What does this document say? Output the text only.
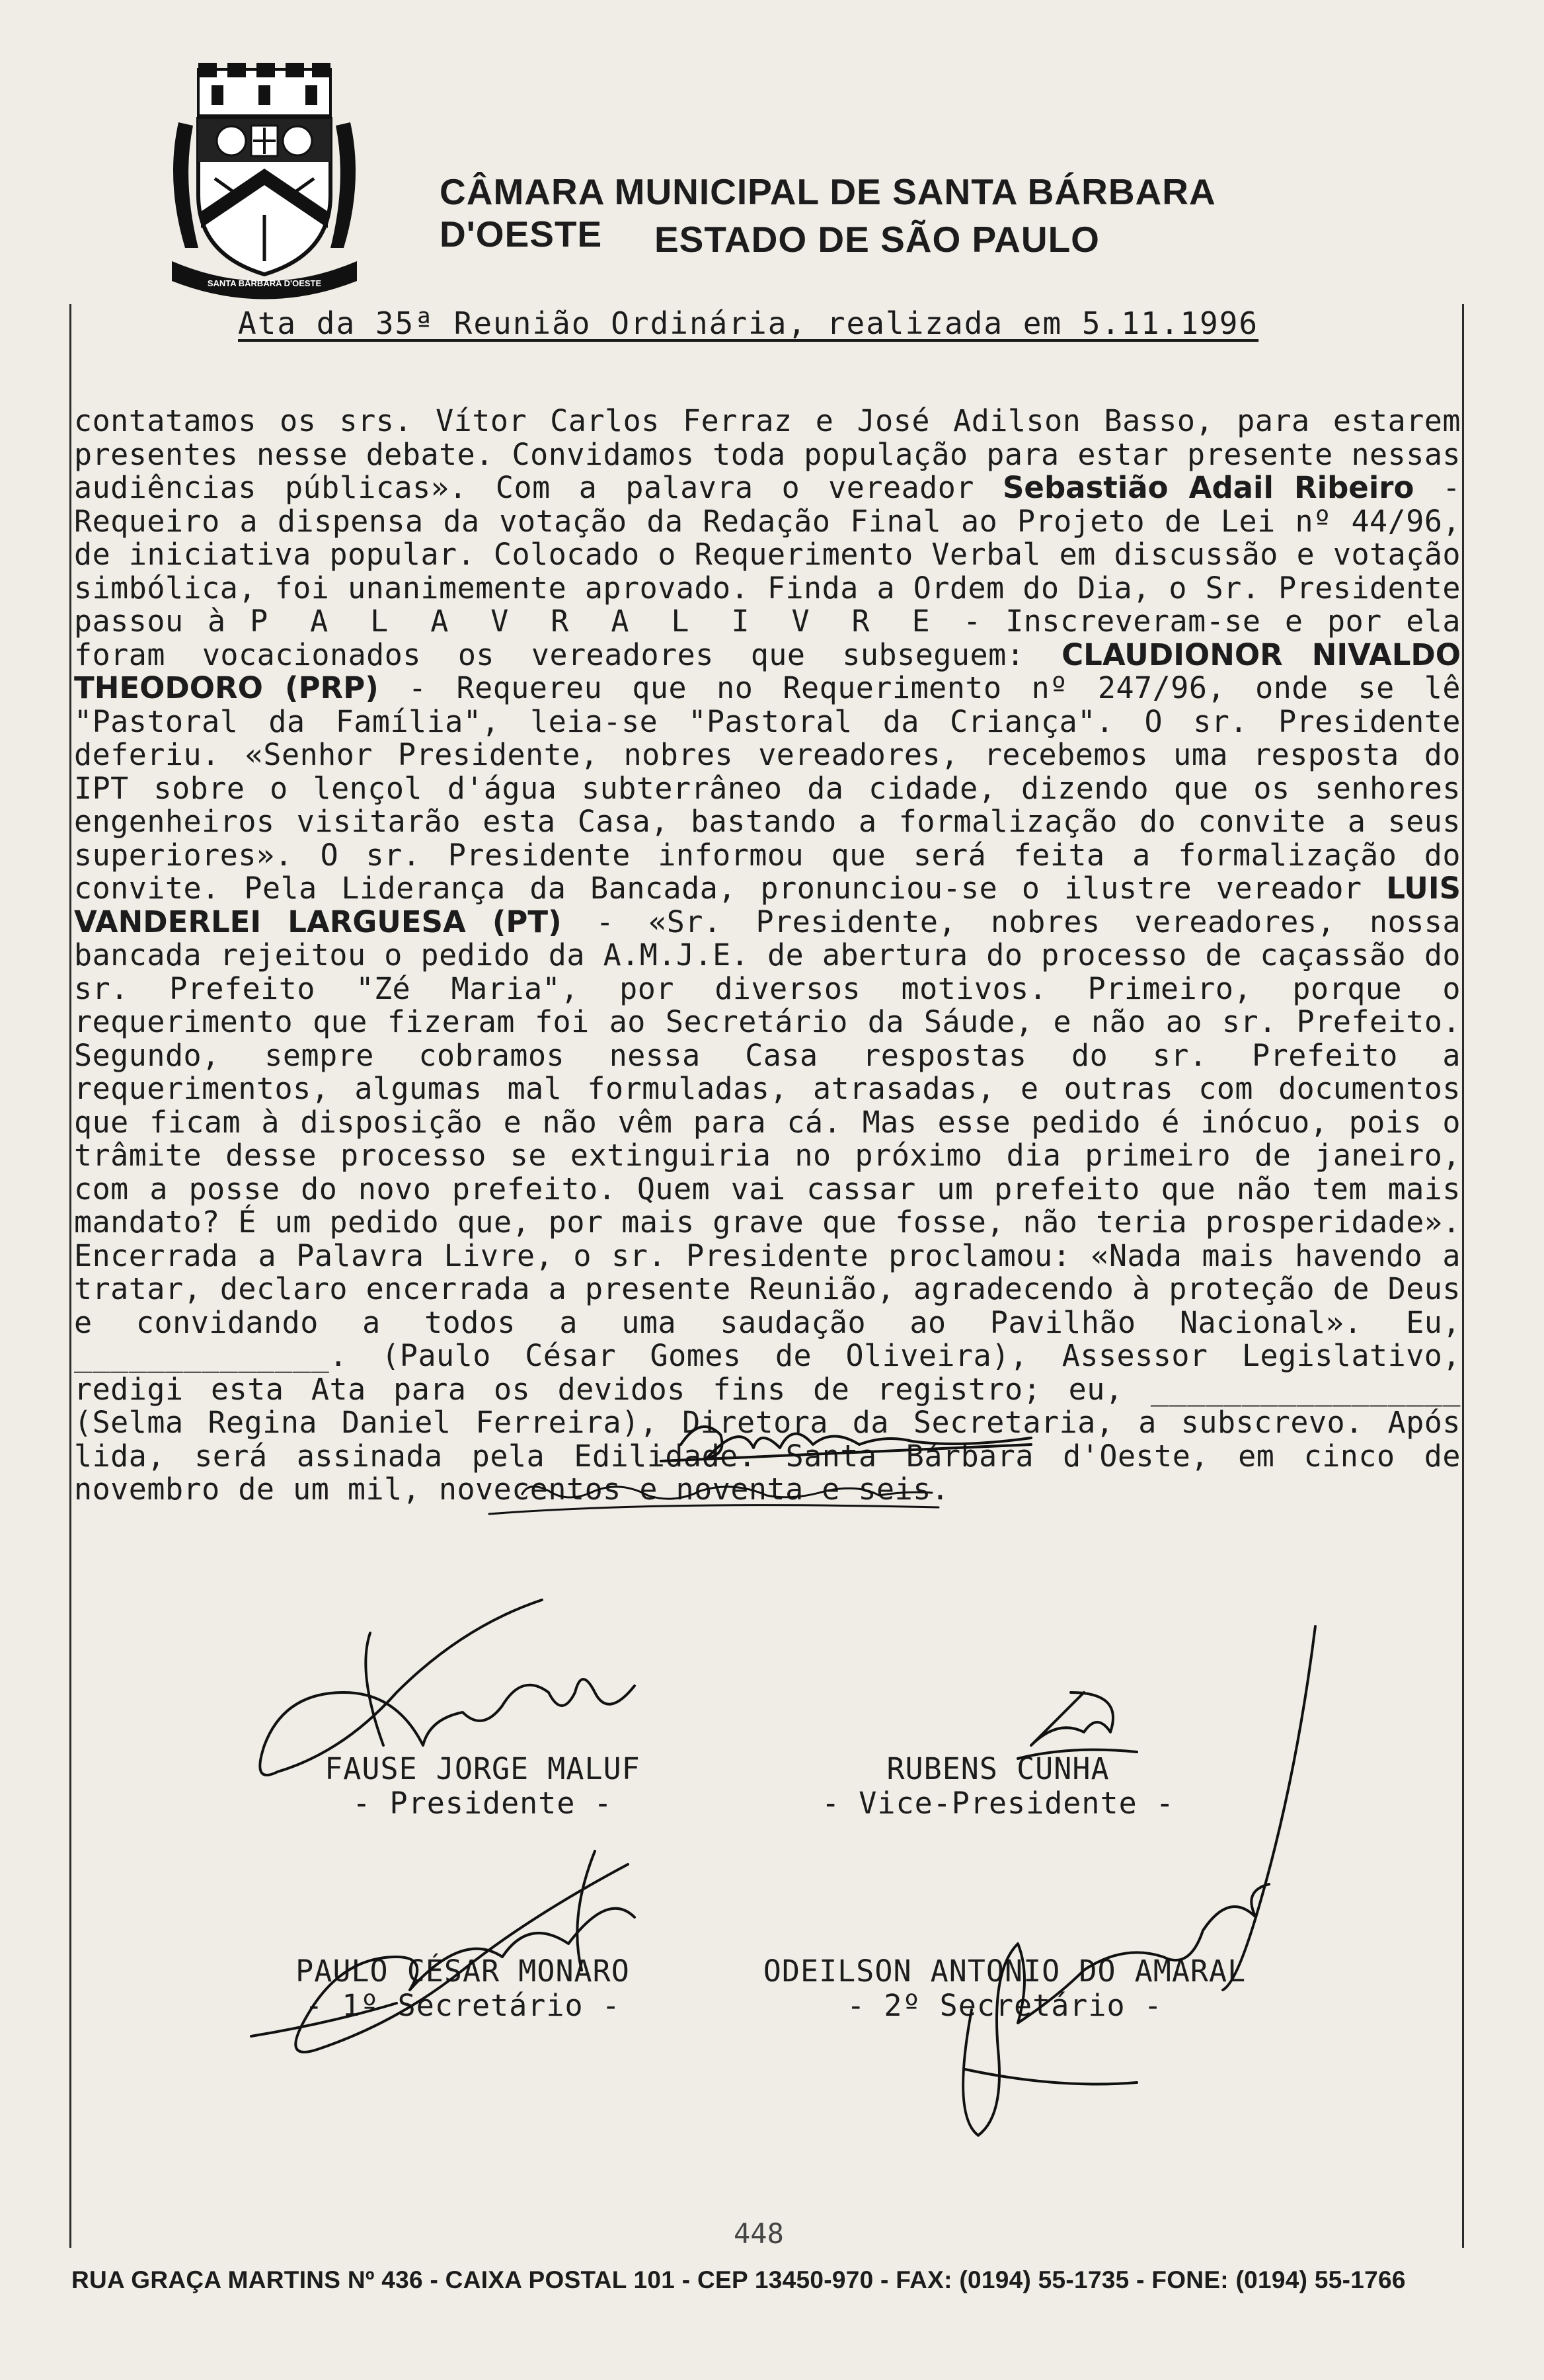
SANTA BÁRBARA D'OESTE
CÂMARA MUNICIPAL DE SANTA BÁRBARA D'OESTE	ESTADO DE SÃO PAULO
Ata da 35ª Reunião Ordinária, realizada em 5.11.1996
contatamos os srs. Vítor Carlos Ferraz e José Adilson Basso, para estarem presentes nesse debate. Convidamos toda população para estar presente nessas audiências públicas». Com a palavra o vereador Sebastião Adail Ribeiro - Requeiro a dispensa da votação da Redação Final ao Projeto de Lei nº 44/96, de iniciativa popular. Colocado o Requerimento Verbal em discussão e votação simbólica, foi unanimemente aprovado. Finda a Ordem do Dia, o Sr. Presidente passou à P A L A V R A L I V R E - Inscreveram-se e por ela foram vocacionados os vereadores que subseguem: CLAUDIONOR NIVALDO THEODORO (PRP) - Requereu que no Requerimento nº 247/96, onde se lê "Pastoral da Família", leia-se "Pastoral da Criança". O sr. Presidente deferiu. «Senhor Presidente, nobres vereadores, recebemos uma resposta do IPT sobre o lençol d'água subterrâneo da cidade, dizendo que os senhores engenheiros visitarão esta Casa, bastando a formalização do convite a seus superiores». O sr. Presidente informou que será feita a formalização do convite. Pela Liderança da Bancada, pronunciou-se o ilustre vereador LUIS VANDERLEI LARGUESA (PT) - «Sr. Presidente, nobres vereadores, nossa bancada rejeitou o pedido da A.M.J.E. de abertura do processo de caçassão do sr. Prefeito "Zé Maria", por diversos motivos. Primeiro, porque o requerimento que fizeram foi ao Secretário da Sáude, e não ao sr. Prefeito. Segundo, sempre cobramos nessa Casa respostas do sr. Prefeito a requerimentos, algumas mal formuladas, atrasadas, e outras com documentos que ficam à disposição e não vêm para cá. Mas esse pedido é inócuo, pois o trâmite desse processo se extinguiria no próximo dia primeiro de janeiro, com a posse do novo prefeito. Quem vai cassar um prefeito que não tem mais mandato? É um pedido que, por mais grave que fosse, não teria prosperidade». Encerrada a Palavra Livre, o sr. Presidente proclamou: «Nada mais havendo a tratar, declaro encerrada a presente Reunião, agradecendo à proteção de Deus e convidando a todos a uma saudação ao Pavilhão Nacional». Eu, ______________. (Paulo César Gomes de Oliveira), Assessor Legislativo, redigi esta Ata para os devidos fins de registro; eu, _________________ (Selma Regina Daniel Ferreira), Diretora da Secretaria, a subscrevo. Após lida, será assinada pela Edilidade. Santa Bárbara d'Oeste, em cinco de novembro de um mil, novecentos e noventa e seis.
FAUSE JORGE MALUF
- Presidente -
RUBENS CUNHA
- Vice-Presidente -
PAULO CÉSAR MONARO
- 1º Secretário -
ODEILSON ANTONIO DO AMARAL
- 2º Secretário -
448
RUA GRAÇA MARTINS Nº 436 - CAIXA POSTAL 101 - CEP 13450-970 - FAX: (0194) 55-1735 - FONE: (0194) 55-1766
